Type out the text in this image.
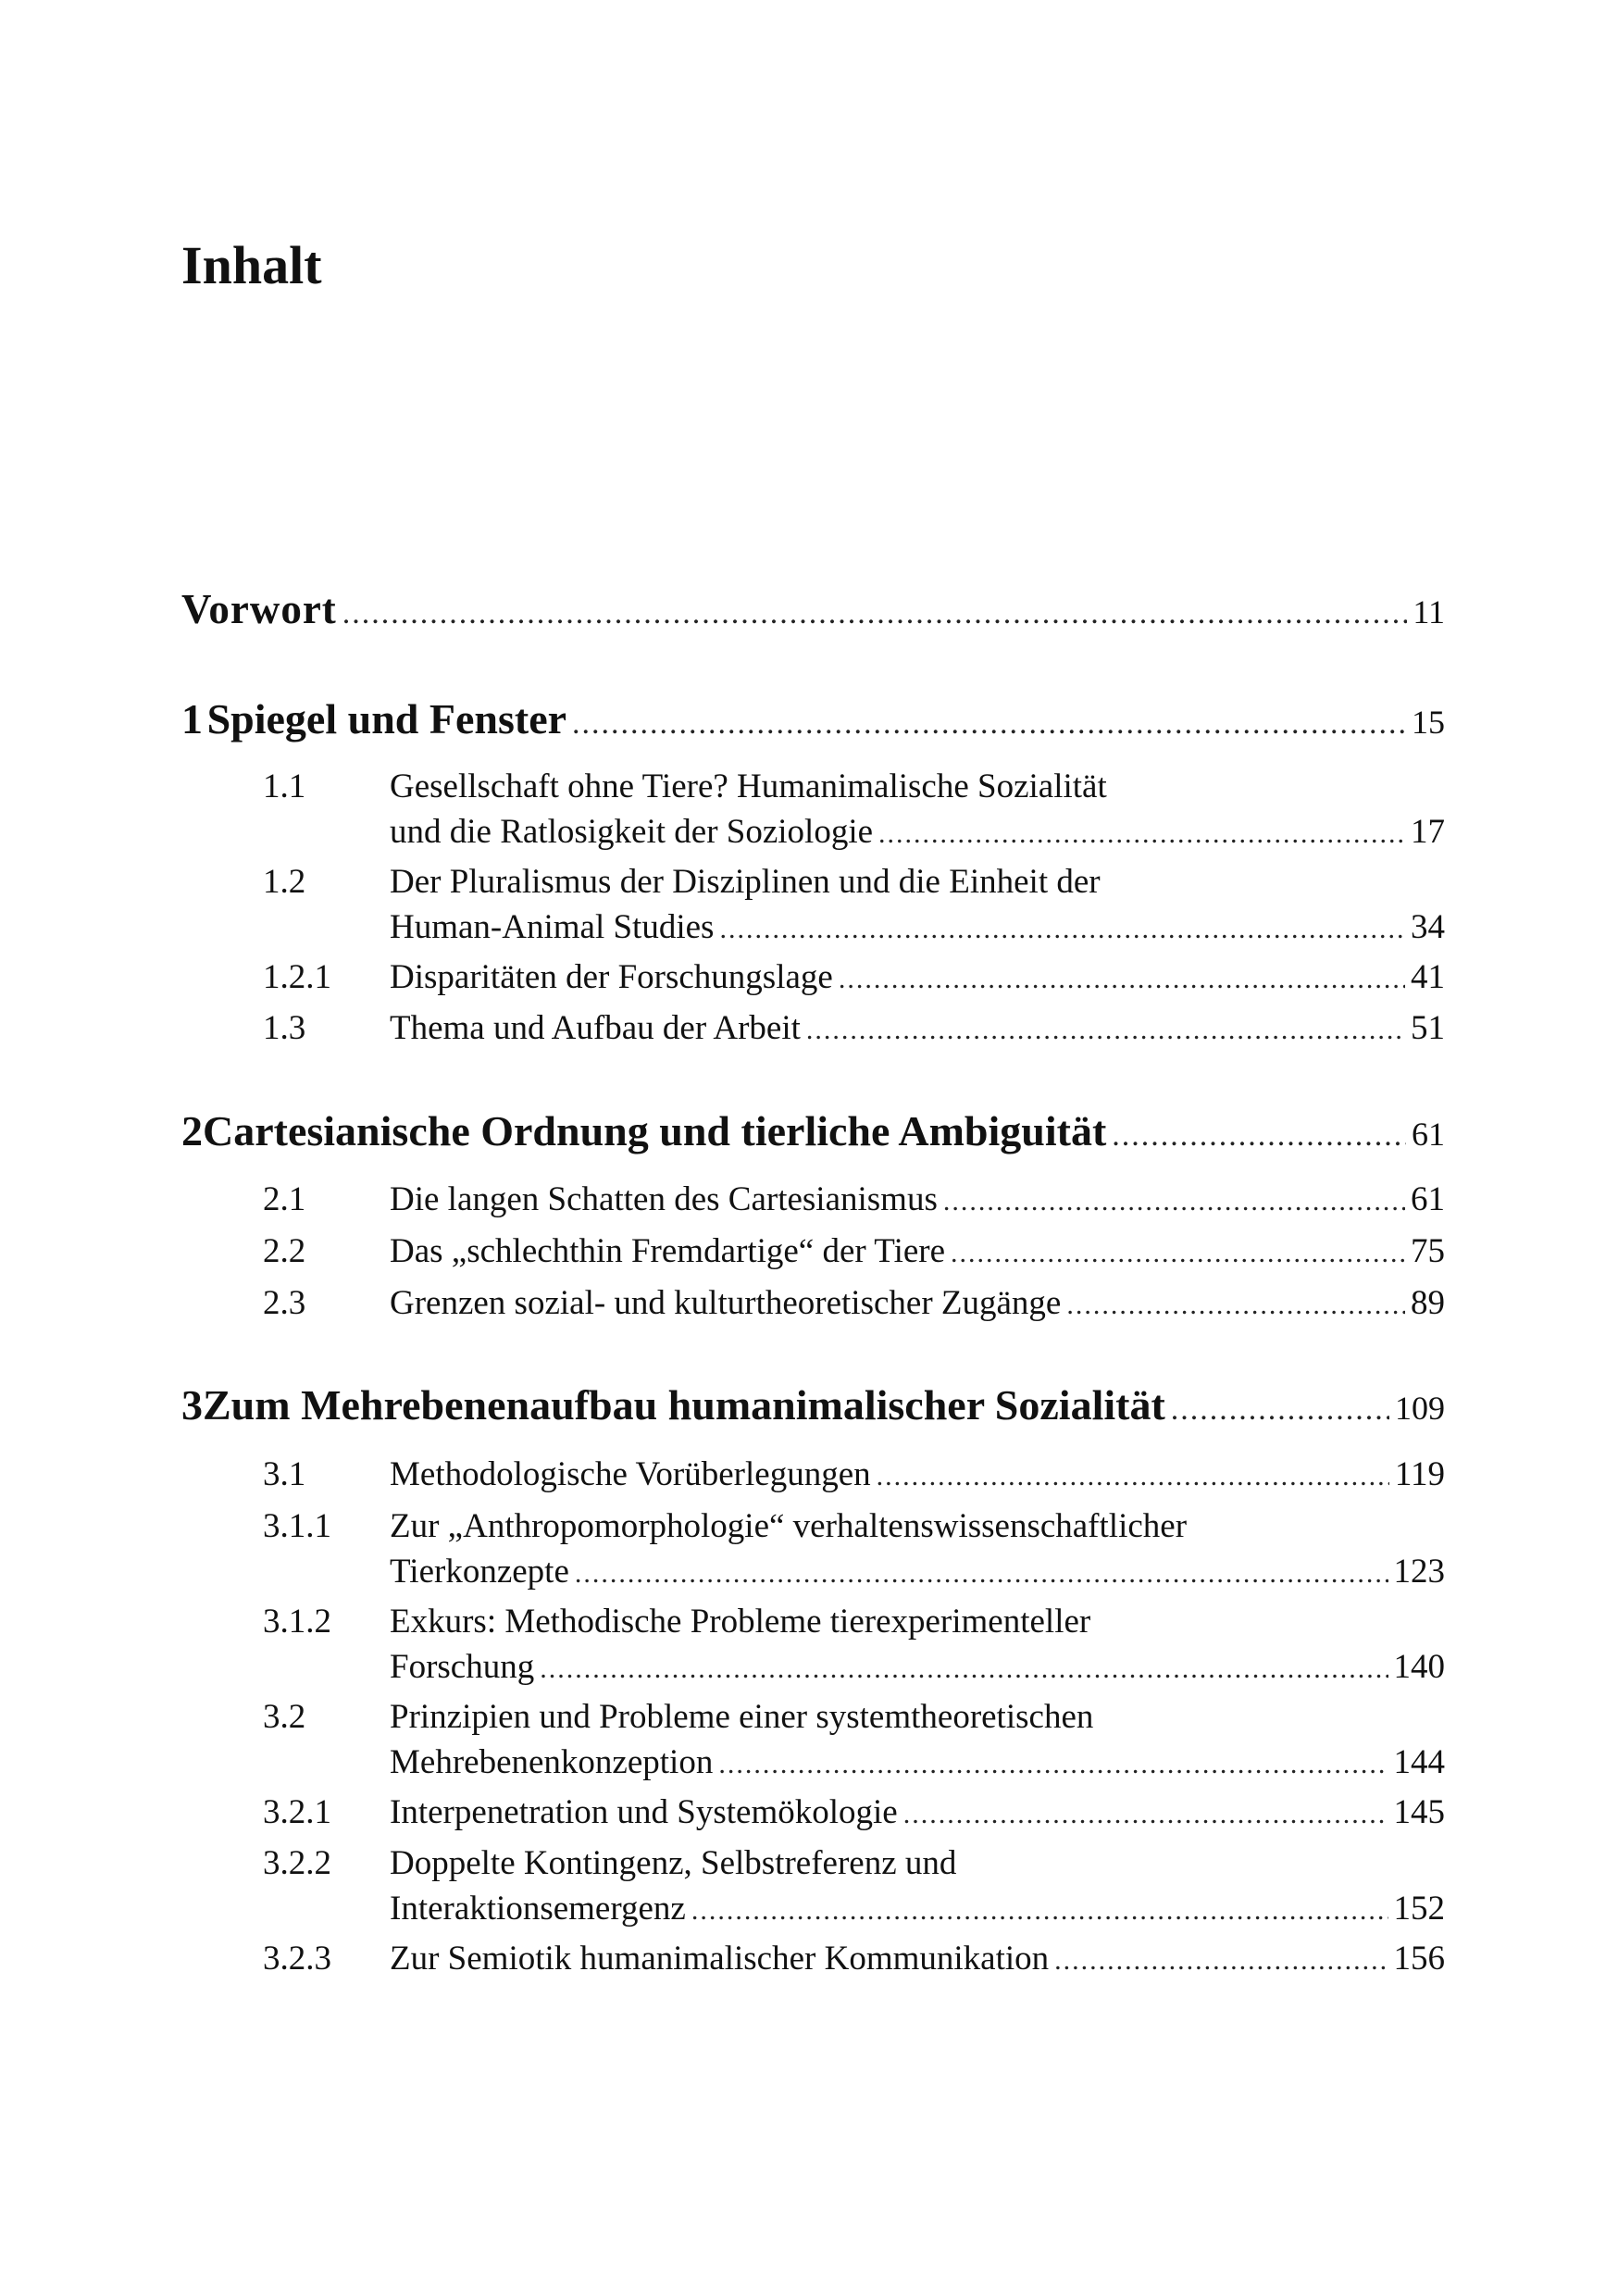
Inhalt
Vorwort .....	11
1 Spiegel und Fenster .....	15
1.1 Gesellschaft ohne Tiere? Humanimalische Sozialität
und die Ratlosigkeit der Soziologie .....	17
1.2 Der Pluralismus der Disziplinen und die Einheit der
Human-Animal Studies .....	34
1.2.1 Disparitäten der Forschungslage .....	41
1.3 Thema und Aufbau der Arbeit .....	51
2 Cartesianische Ordnung und tierliche Ambiguität .....	61
2.1 Die langen Schatten des Cartesianismus .....	61
2.2 Das „schlechthin Fremdartige“ der Tiere .....	75
2.3 Grenzen sozial- und kulturtheoretischer Zugänge .....	89
3 Zum Mehrebenenaufbau humanimalischer Sozialität .....	109
3.1 Methodologische Vorüberlegungen .....	119
3.1.1 Zur „Anthropomorphologie“ verhaltenswissenschaftlicher
Tierkonzepte .....	123
3.1.2 Exkurs: Methodische Probleme tierexperimenteller
Forschung .....	140
3.2 Prinzipien und Probleme einer systemtheoretischen
Mehrebenenkonzeption .....	144
3.2.1 Interpenetration und Systemökologie .....	145
3.2.2 Doppelte Kontingenz, Selbstreferenz und
Interaktionsemergenz .....	152
3.2.3 Zur Semiotik humanimalischer Kommunikation .....	156
